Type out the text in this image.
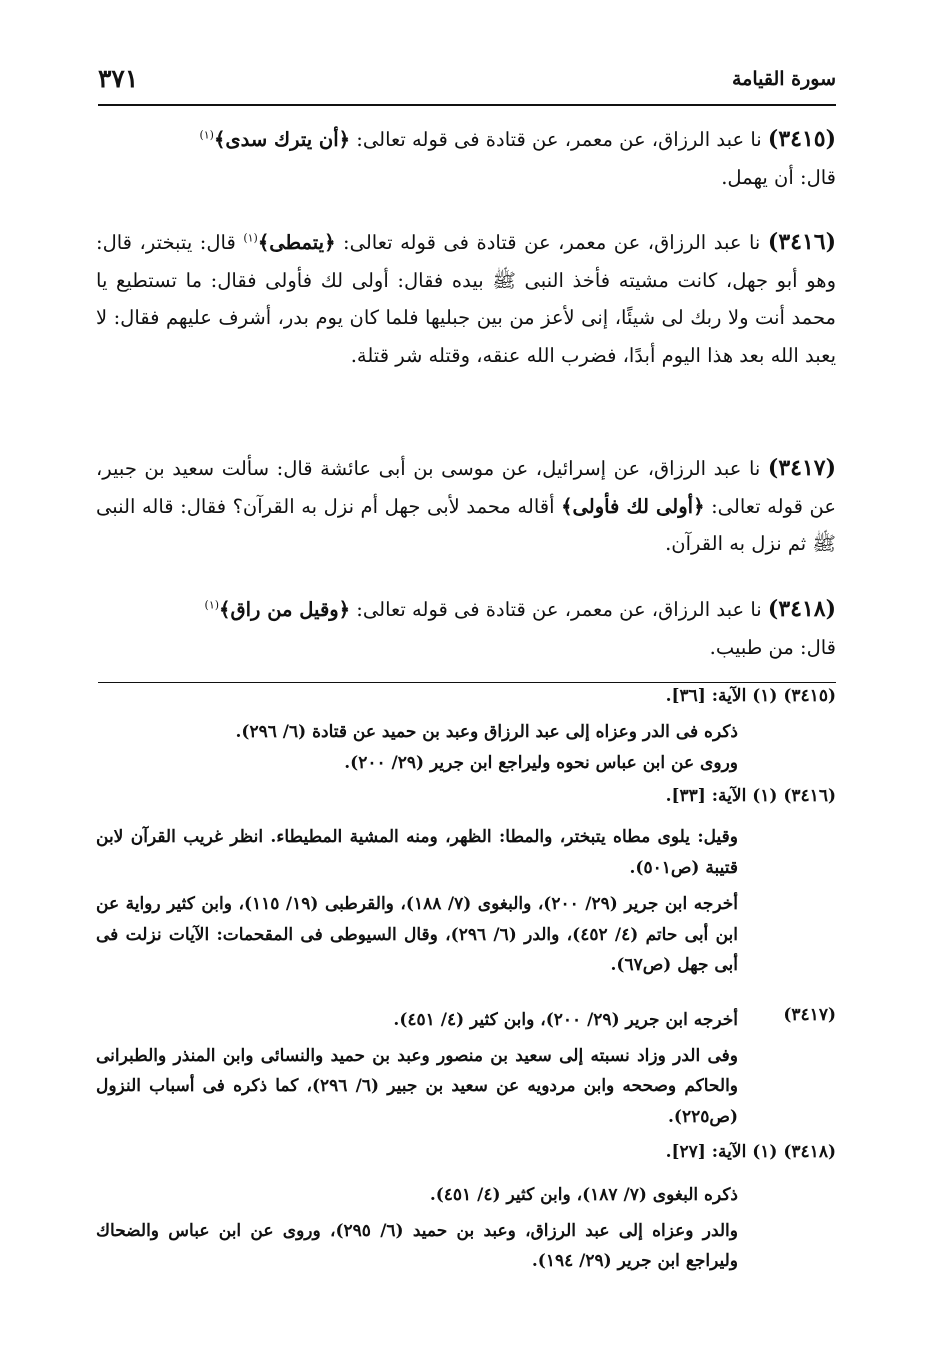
سورة القيامة
٣٧١

(٣٤١٥) نا عبد الرزاق، عن معمر، عن قتادة فى قوله تعالى: ﴿أن يترك سدى﴾$^{(١)}$

قال: أن يهمل.

(٣٤١٦) نا عبد الرزاق، عن معمر، عن قتادة فى قوله تعالى: ﴿يتمطى﴾$^{(١)}$ قال: يتبختر، قال: وهو أبو جهل، كانت مشيته فأخذ النبى ﷺ بيده فقال: أولى لك فأولى فقال: ما تستطيع يا محمد أنت ولا ربك لى شيئًا، إنى لأعز من بين جبليها فلما كان يوم بدر، أشرف عليهم فقال: لا يعبد الله بعد هذا اليوم أبدًا، فضرب الله عنقه، وقتله شر قتلة.

(٣٤١٧) نا عبد الرزاق، عن إسرائيل، عن موسى بن أبى عائشة قال: سألت سعيد بن جبير، عن قوله تعالى: ﴿أولى لك فأولى﴾ أقاله محمد لأبى جهل أم نزل به القرآن؟ فقال: قاله النبى ﷺ ثم نزل به القرآن.

(٣٤١٨) نا عبد الرزاق، عن معمر، عن قتادة فى قوله تعالى: ﴿وقيل من راق﴾$^{(١)}$

قال: من طبيب.

(٣٤١٥) (١) الآية: [٣٦].

ذكره فى الدر وعزاه إلى عبد الرزاق وعبد بن حميد عن قتادة (٦/ ٢٩٦).

وروى عن ابن عباس نحوه وليراجع ابن جرير (٢٩/ ٢٠٠).

(٣٤١٦) (١) الآية: [٣٣].

وقيل: يلوى مطاه يتبختر، والمطا: الظهر، ومنه المشية المطيطاء. انظر غريب القرآن لابن قتيبة (ص٥٠١).

أخرجه ابن جرير (٢٩/ ٢٠٠)، والبغوى (٧/ ١٨٨)، والقرطبى (١٩/ ١١٥)، وابن كثير رواية عن ابن أبى حاتم (٤/ ٤٥٢)، والدر (٦/ ٢٩٦)، وقال السيوطى فى المقحمات: الآيات نزلت فى أبى جهل (ص٦٧).

(٣٤١٧)

أخرجه ابن جرير (٢٩/ ٢٠٠)، وابن كثير (٤/ ٤٥١).

وفى الدر وزاد نسبته إلى سعيد بن منصور وعبد بن حميد والنسائى وابن المنذر والطبرانى والحاكم وصححه وابن مردويه عن سعيد بن جبير (٦/ ٢٩٦)، كما ذكره فى أسباب النزول (ص٢٢٥).

(٣٤١٨) (١) الآية: [٢٧].

ذكره البغوى (٧/ ١٨٧)، وابن كثير (٤/ ٤٥١).

والدر وعزاه إلى عبد الرزاق، وعبد بن حميد (٦/ ٢٩٥)، وروى عن ابن عباس والضحاك وليراجع ابن جرير (٢٩/ ١٩٤).
